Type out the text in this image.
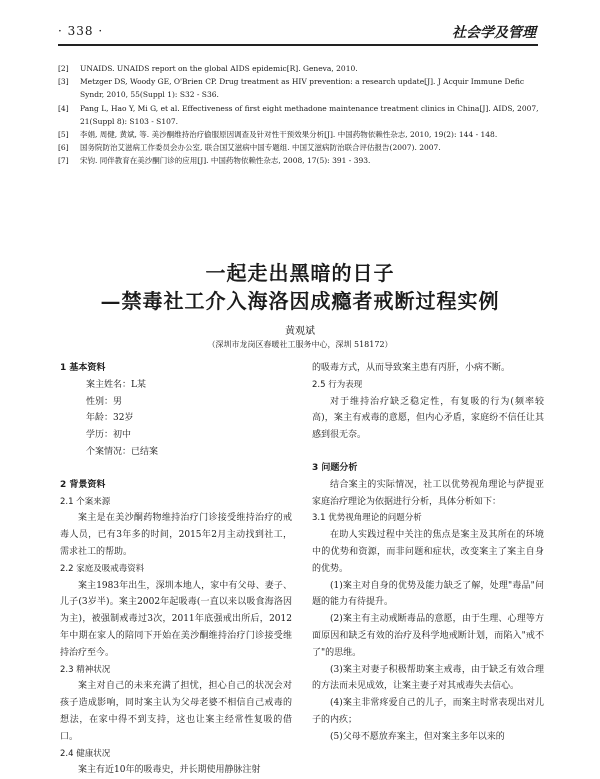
· 338 ·	社会学及管理
[2]	UNAIDS. UNAIDS report on the global AIDS epidemic[R]. Geneva, 2010.
[3]	Metzger DS, Woody GE, O'Brien CP. Drug treatment as HIV prevention: a research update[J]. J Acquir Immune Defic Syndr, 2010, 55(Suppl 1): S32 - S36.
[4]	Pang L, Hao Y, Mi G, et al. Effectiveness of first eight methadone maintenance treatment clinics in China[J]. AIDS, 2007, 21(Suppl 8): S103 - S107.
[5]	李娟, 周健, 黄斌, 等. 美沙酮维持治疗偷服原因调查及针对性干预效果分析[J]. 中国药物依赖性杂志, 2010, 19(2): 144 - 148.
[6]	国务院防治艾滋病工作委员会办公室, 联合国艾滋病中国专题组. 中国艾滋病防治联合评估报告(2007). 2007.
[7]	宋钧. 同伴教育在美沙酮门诊的应用[J]. 中国药物依赖性杂志, 2008, 17(5): 391 - 393.
一起走出黑暗的日子
—禁毒社工介入海洛因成瘾者戒断过程实例
黄观斌
（深圳市龙岗区春暖社工服务中心，深圳 518172）
1 基本资料
案主姓名：L某
性别：男
年龄：32岁
学历：初中
个案情况：已结案
2 背景资料
2.1 个案来源
案主是在美沙酮药物维持治疗门诊接受维持治疗的戒毒人员，已有3年多的时间，2015年2月主动找到社工，需求社工的帮助。
2.2 家庭及吸戒毒资料
案主1983年出生，深圳本地人，家中有父母、妻子、儿子(3岁半)。案主2002年起吸毒(一直以来以吸食海洛因为主)，被强制戒毒过3次，2011年底强戒出所后，2012年中期在家人的陪同下开始在美沙酮维持治疗门诊接受维持治疗至今。
2.3 精神状况
案主对自己的未来充满了担忧，担心自己的状况会对孩子造成影响，同时案主认为父母老婆不相信自己戒毒的想法，在家中得不到支持，这也让案主经常性复吸的借口。
2.4 健康状况
案主有近10年的吸毒史，并长期使用静脉注射
的吸毒方式，从而导致案主患有丙肝，小病不断。
2.5 行为表现
对于维持治疗缺乏稳定性，有复吸的行为(频率较高)，案主有戒毒的意愿，但内心矛盾，家庭纷不信任让其感到很无奈。
3 问题分析
结合案主的实际情况，社工以优势视角理论与萨提亚家庭治疗理论为依据进行分析，具体分析如下：
3.1 优势视角理论的问题分析
在助人实践过程中关注的焦点是案主及其所在的环境中的优势和资源，而非问题和症状，改变案主了案主自身的优势。
(1)案主对自身的优势及能力缺乏了解，处理"毒品"问题的能力有待提升。
(2)案主有主动戒断毒品的意愿，由于生理、心理等方面原因和缺乏有效的治疗及科学地戒断计划，而陷入"戒不了"的思维。
(3)案主对妻子积极帮助案主戒毒，由于缺乏有效合理的方法而未见成效，让案主妻子对其戒毒失去信心。
(4)案主非常疼爱自己的儿子，而案主时常表现出对儿子的内疚；
(5)父母不愿放弃案主，但对案主多年以来的
